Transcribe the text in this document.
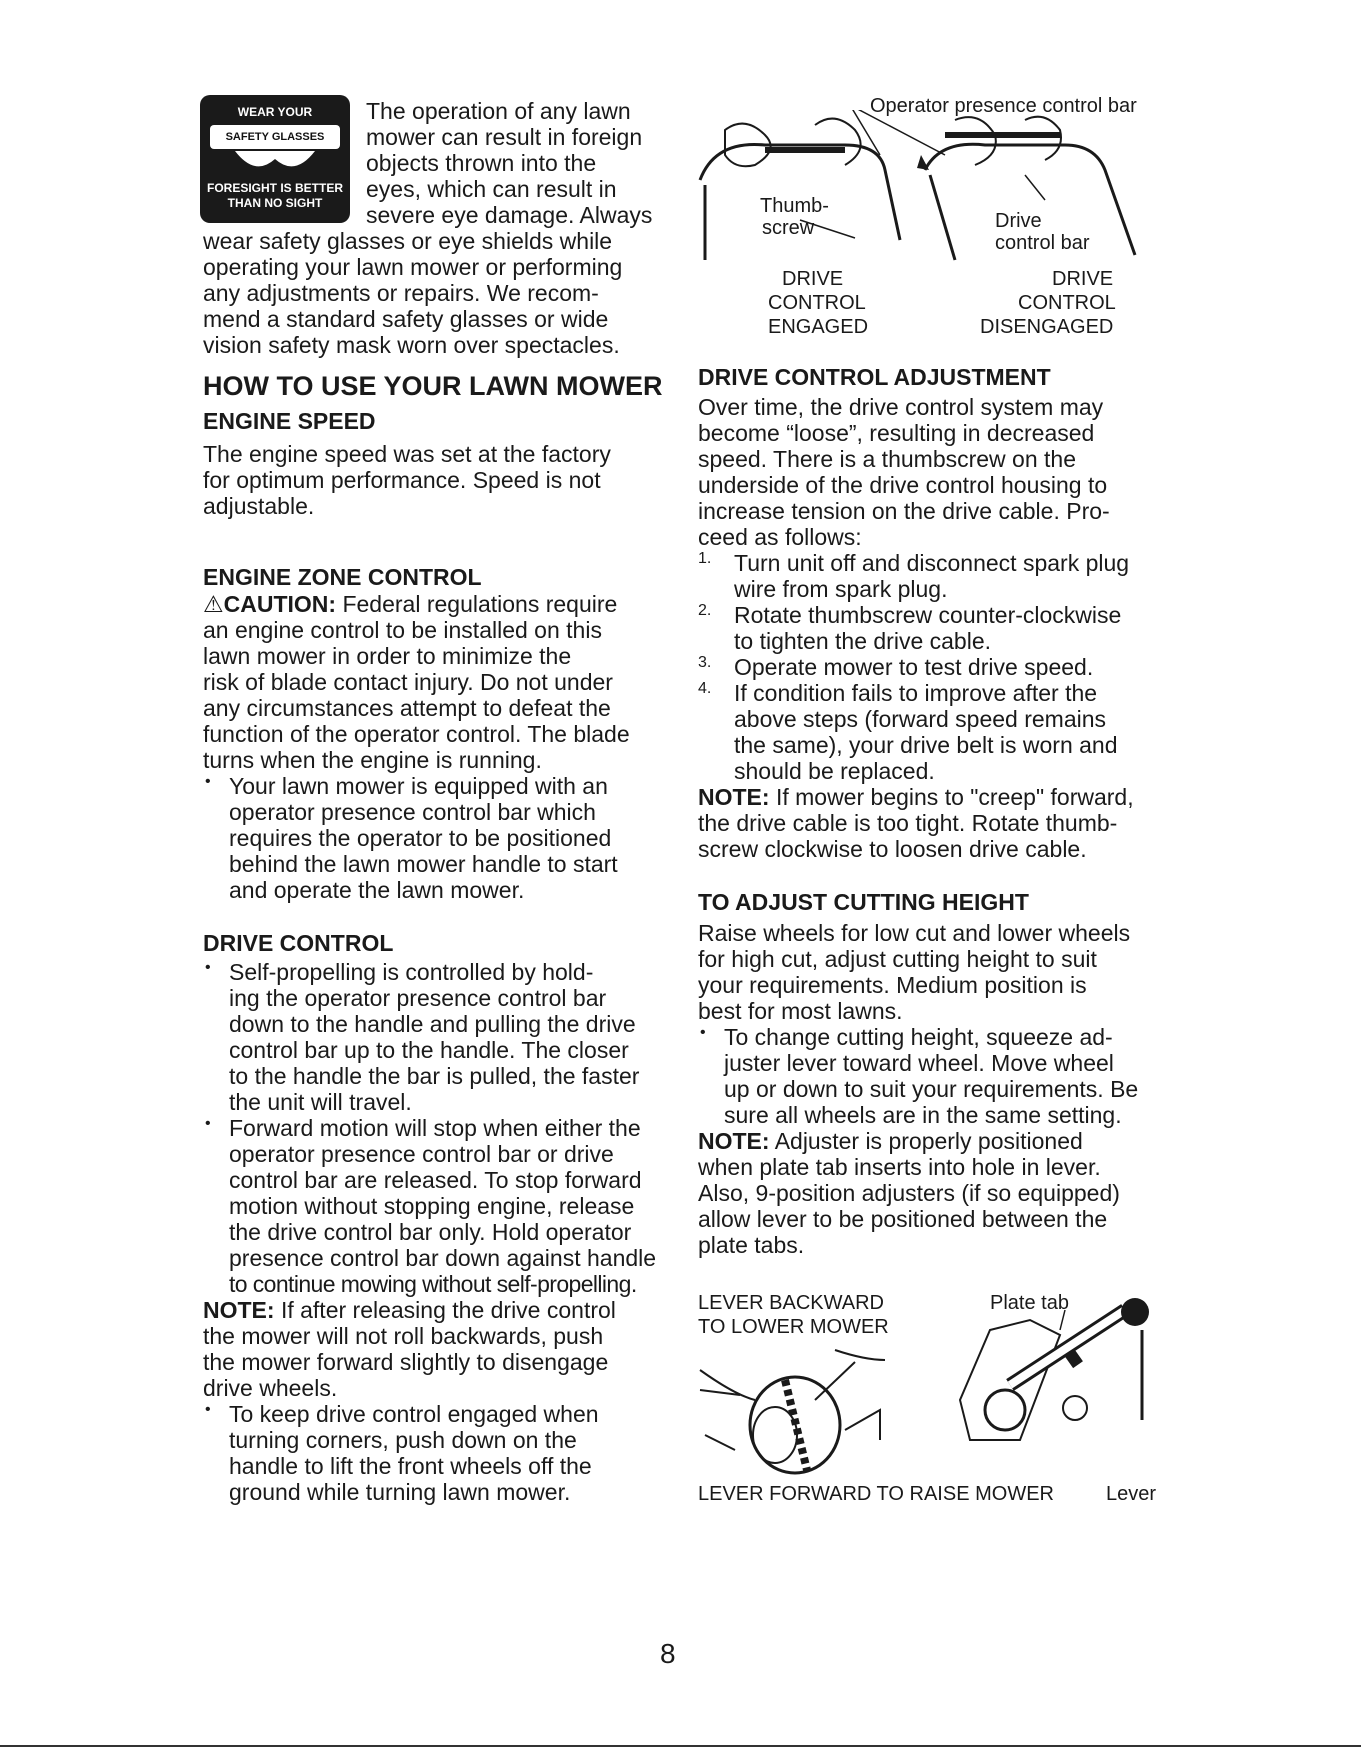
WEAR YOUR
SAFETY GLASSES
FORESIGHT IS BETTER
THAN NO SIGHT

The operation of any lawn

mower can result in foreign

objects thrown into the

eyes, which can result in

severe eye damage. Always

wear safety glasses or eye shields while

operating your lawn mower or performing

any adjustments or repairs. We recom-

mend a standard safety glasses or wide

vision safety mask worn over spectacles.

HOW TO USE YOUR LAWN MOWER
ENGINE SPEED

The engine speed was set at the factory

for optimum performance. Speed is not

adjustable.

ENGINE ZONE CONTROL

⚠CAUTION: Federal regulations require

an engine control to be installed on this

lawn mower in order to minimize the

risk of blade contact injury. Do not under

any circumstances attempt to defeat the

function of the operator control. The blade

turns when the engine is running.

• Your lawn mower is equipped with an

operator presence control bar which

requires the operator to be positioned

behind the lawn mower handle to start

and operate the lawn mower.

DRIVE CONTROL

• Self-propelling is controlled by hold-

ing the operator presence control bar

down to the handle and pulling the drive

control bar up to the handle. The closer

to the handle the bar is pulled, the faster

the unit will travel.

• Forward motion will stop when either the

operator presence control bar or drive

control bar are released. To stop forward

motion without stopping engine, release

the drive control bar only. Hold operator

presence control bar down against handle

to continue mowing without self-propelling.

NOTE: If after releasing the drive control

the mower will not roll backwards, push

the mower forward slightly to disengage

drive wheels.

• To keep drive control engaged when

turning corners, push down on the

handle to lift the front wheels off the

ground while turning lawn mower.

Operator presence control bar
Thumb-
screw	Drive
control bar
DRIVE
CONTROL
ENGAGED
DRIVE
CONTROL
DISENGAGED
DRIVE CONTROL ADJUSTMENT

Over time, the drive control system may

become “loose”, resulting in decreased

speed. There is a thumbscrew on the

underside of the drive control housing to

increase tension on the drive cable. Pro-

ceed as follows:

1. Turn unit off and disconnect spark plug

wire from spark plug.

2. Rotate thumbscrew counter-clockwise

to tighten the drive cable.

3. Operate mower to test drive speed.

4. If condition fails to improve after the

above steps (forward speed remains

the same), your drive belt is worn and

should be replaced.

NOTE: If mower begins to "creep" forward,

the drive cable is too tight. Rotate thumb-

screw clockwise to loosen drive cable.

TO ADJUST CUTTING HEIGHT

Raise wheels for low cut and lower wheels

for high cut, adjust cutting height to suit

your requirements. Medium position is

best for most lawns.

• To change cutting height, squeeze ad-

juster lever toward wheel. Move wheel

up or down to suit your requirements. Be

sure all wheels are in the same setting.

NOTE: Adjuster is properly positioned

when plate tab inserts into hole in lever.

Also, 9-position adjusters (if so equipped)

allow lever to be positioned between the

plate tabs.

LEVER BACKWARD
TO LOWER MOWER
Plate tab
LEVER FORWARD TO RAISE MOWER	Lever
8
